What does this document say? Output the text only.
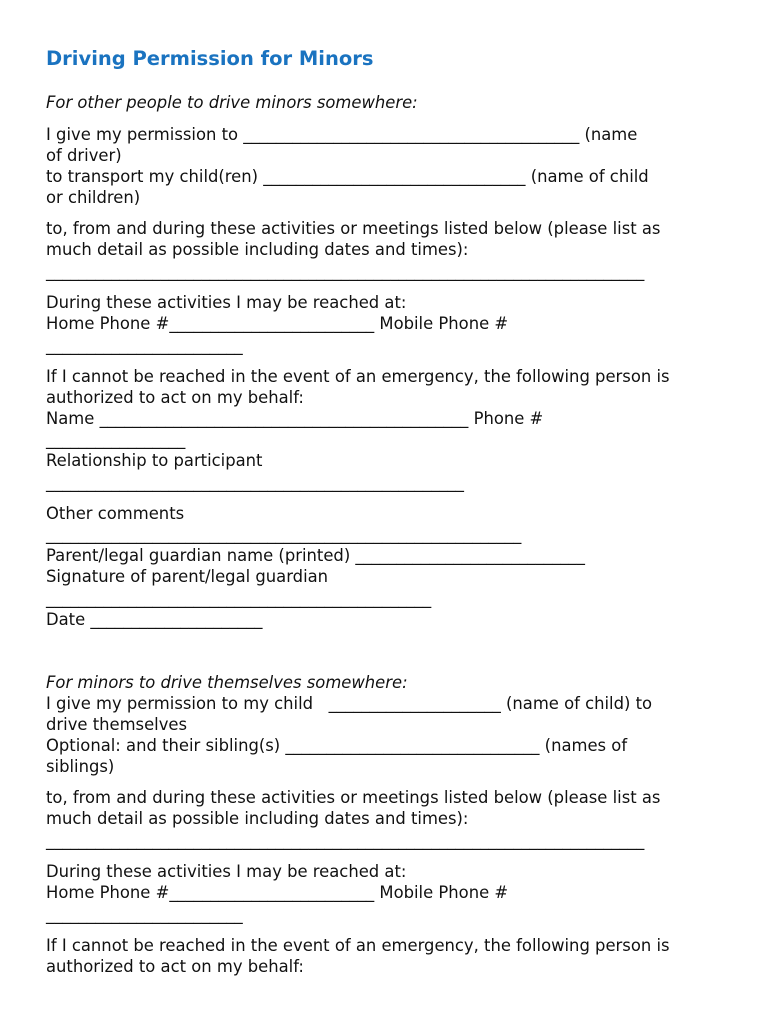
Driving Permission for Minors
For other people to drive minors somewhere:
I give my permission to _________________________________________ (name
of driver)
to transport my child(ren) ________________________________ (name of child
or children)
to, from and during these activities or meetings listed below (please list as
much detail as possible including dates and times):
_________________________________________________________________________
During these activities I may be reached at:
Home Phone #_________________________ Mobile Phone #
________________________
If I cannot be reached in the event of an emergency, the following person is
authorized to act on my behalf:
Name _____________________________________________ Phone #
_________________
Relationship to participant
___________________________________________________
Other comments
__________________________________________________________
Parent/legal guardian name (printed) ____________________________
Signature of parent/legal guardian
_______________________________________________
Date _____________________
For minors to drive themselves somewhere:
I give my permission to my child   _____________________ (name of child) to
drive themselves
Optional: and their sibling(s) _______________________________ (names of
siblings)
to, from and during these activities or meetings listed below (please list as
much detail as possible including dates and times):
_________________________________________________________________________
During these activities I may be reached at:
Home Phone #_________________________ Mobile Phone #
________________________
If I cannot be reached in the event of an emergency, the following person is
authorized to act on my behalf:
